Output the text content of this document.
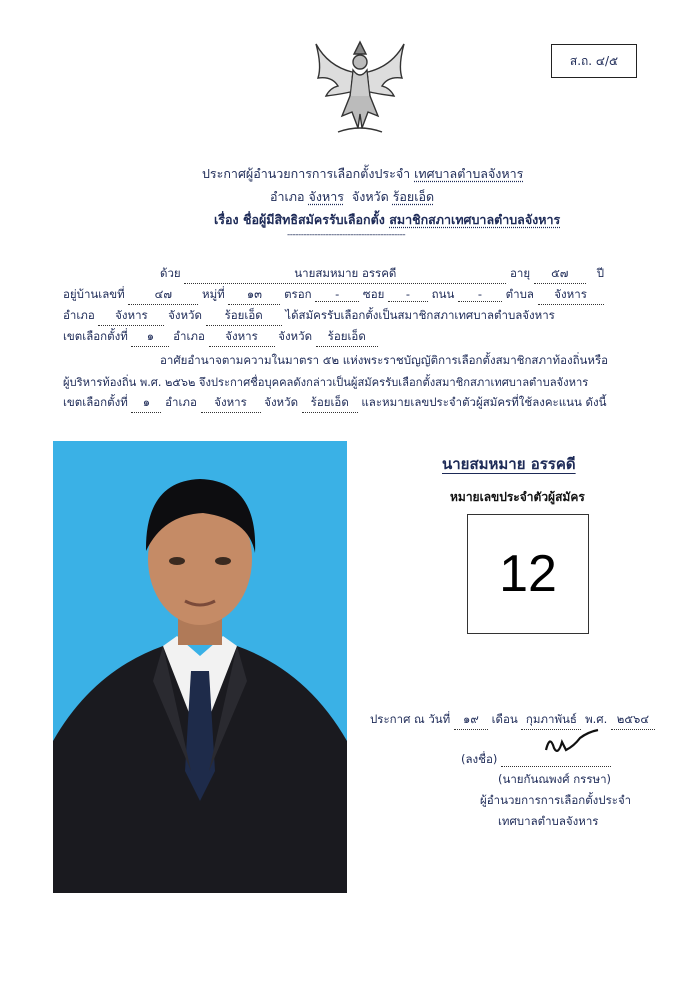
ส.ถ. ๔/๕
ประกาศผู้อำนวยการการเลือกตั้งประจำ เทศบาลตำบลจังหาร
อำเภอ จังหาร จังหวัด ร้อยเอ็ด
เรื่อง ชื่อผู้มีสิทธิสมัครรับเลือกตั้ง สมาชิกสภาเทศบาลตำบลจังหาร
-------------------------------------------
ด้วย	นายสมหมาย อรรคดี	อายุ ๕๗ ปี
อยู่บ้านเลขที่	๔๗	หมู่ที่ ๑๓ ตรอก - ซอย - ถนน - ตำบล จังหาร
อำเภอ จังหาร จังหวัด ร้อยเอ็ด ได้สมัครรับเลือกตั้งเป็นสมาชิกสภาเทศบาลตำบลจังหาร
เขตเลือกตั้งที่ ๑ อำเภอ จังหาร จังหวัด ร้อยเอ็ด
อาศัยอำนาจตามความในมาตรา ๕๒ แห่งพระราชบัญญัติการเลือกตั้งสมาชิกสภาท้องถิ่นหรือ
ผู้บริหารท้องถิ่น พ.ศ. ๒๕๖๒ จึงประกาศชื่อบุคคลดังกล่าวเป็นผู้สมัครรับเลือกตั้งสมาชิกสภาเทศบาลตำบลจังหาร
เขตเลือกตั้งที่ ๑ อำเภอ จังหาร จังหวัด ร้อยเอ็ด และหมายเลขประจำตัวผู้สมัครที่ใช้ลงคะแนน ดังนี้
นายสมหมาย อรรคดี
หมายเลขประจำตัวผู้สมัคร
12
ประกาศ ณ วันที่ ๑๙ เดือน กุมภาพันธ์ พ.ศ. ๒๕๖๔
(ลงชื่อ)
(นายกันณพงศ์ กรรษา)
ผู้อำนวยการการเลือกตั้งประจำ
เทศบาลตำบลจังหาร
